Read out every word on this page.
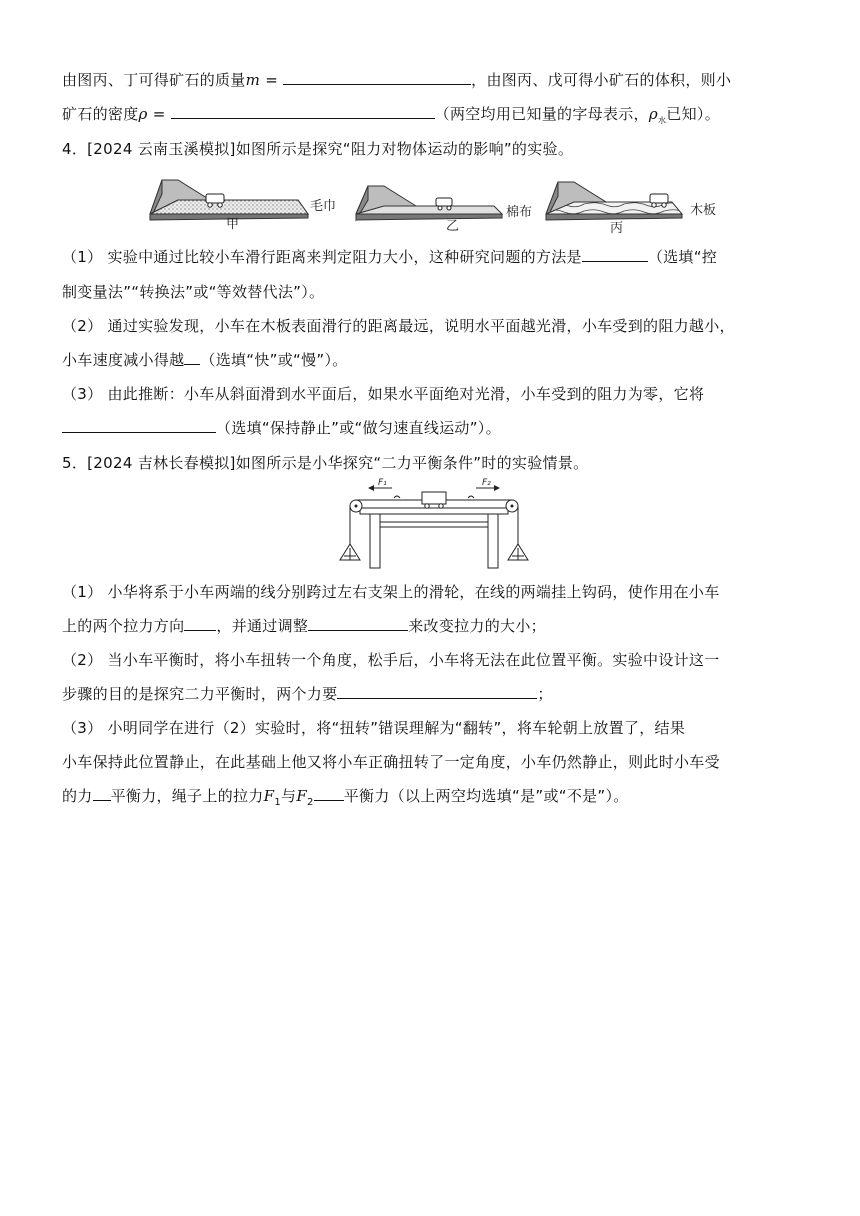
由图丙、丁可得矿石的质量m =	，由图丙、戊可得小矿石的体积，则小
矿石的密度ρ =	（两空均用已知量的字母表示，$\rho_水$已知）。
4．[2024 云南玉溪模拟]如图所示是探究“阻力对物体运动的影响”的实验。
甲
毛巾
乙
棉布
丙
木板
（1） 实验中通过比较小车滑行距离来判定阻力大小，这种研究问题的方法是	（选填“控
制变量法”“转换法”或“等效替代法”）。
（2） 通过实验发现，小车在木板表面滑行的距离最远，说明水平面越光滑，小车受到的阻力越小，
小车速度减小得越 （选填“快”或“慢”）。
（3） 由此推断：小车从斜面滑到水平面后，如果水平面绝对光滑，小车受到的阻力为零，它将
（选填“保持静止”或“做匀速直线运动”）。
5．[2024 吉林长春模拟]如图所示是小华探究“二力平衡条件”时的实验情景。
F₁	F₂
（1） 小华将系于小车两端的线分别跨过左右支架上的滑轮，在线的两端挂上钩码，使作用在小车
上的两个拉力方向 ，并通过调整	来改变拉力的大小；
（2） 当小车平衡时，将小车扭转一个角度，松手后，小车将无法在此位置平衡。实验中设计这一
步骤的目的是探究二力平衡时，两个力要	；
（3） 小明同学在进行（2）实验时，将“扭转”错误理解为“翻转”，将车轮朝上放置了，结果
小车保持此位置静止，在此基础上他又将小车正确扭转了一定角度，小车仍然静止，则此时小车受
的力 平衡力，绳子上的拉力$F_1$与$F_2$ 平衡力（以上两空均选填“是”或“不是”）。
